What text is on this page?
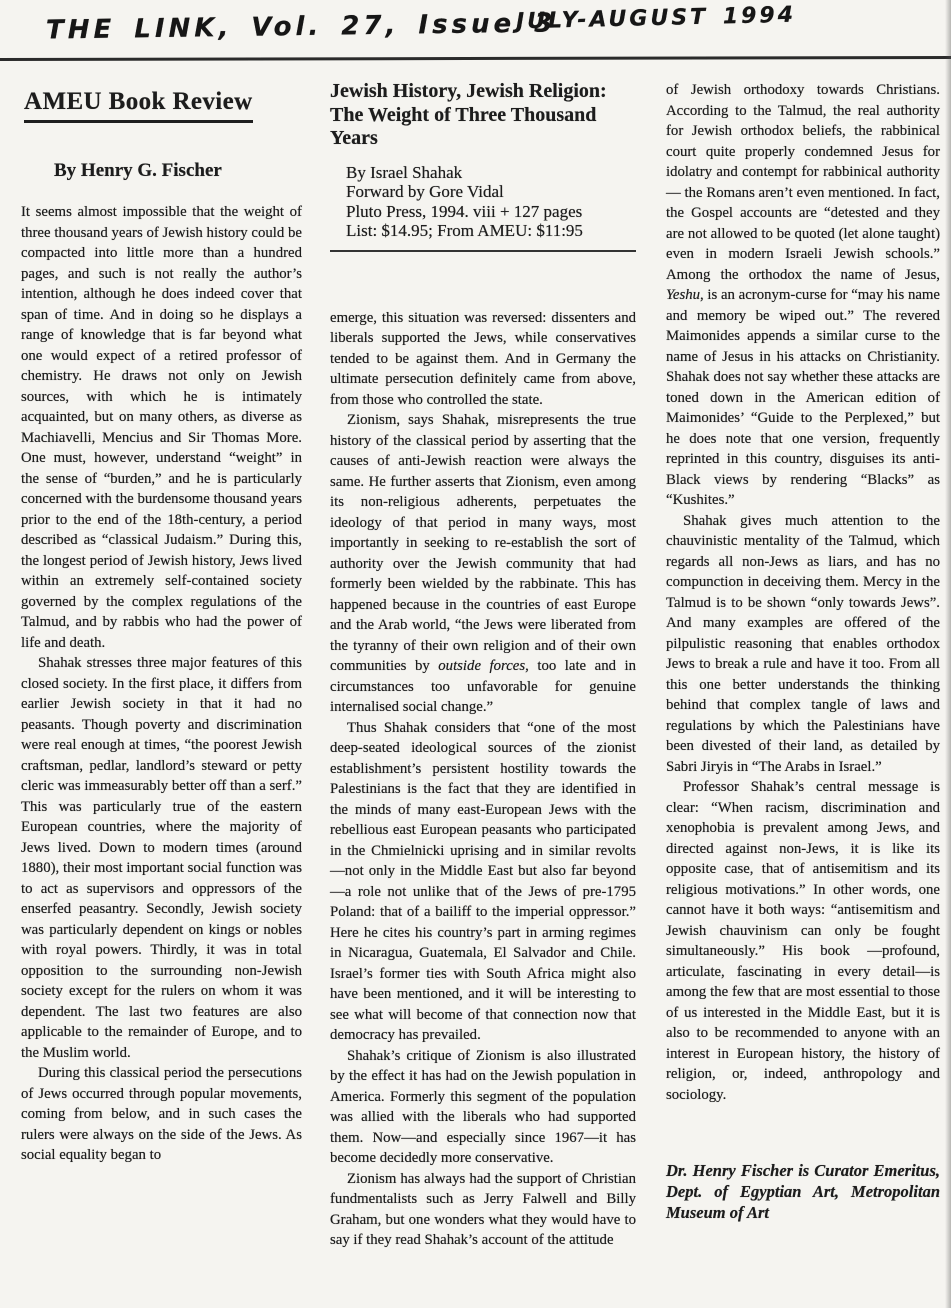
THE LINK, Vol. 27, Issue 3
JULY-AUGUST 1994
AMEU Book Review
By Henry G. Fischer

It seems almost impossible that the weight of three thousand years of Jewish history could be compacted into little more than a hundred pages, and such is not really the author’s intention, although he does indeed cover that span of time. And in doing so he displays a range of knowledge that is far beyond what one would expect of a retired professor of chemistry. He draws not only on Jewish sources, with which he is intimately acquainted, but on many others, as diverse as Machiavelli, Mencius and Sir Thomas More. One must, however, understand “weight” in the sense of “burden,” and he is particularly concerned with the burdensome thousand years prior to the end of the 18th-century, a period described as “classical Judaism.” During this, the longest period of Jewish history, Jews lived within an extremely self-contained society governed by the complex regulations of the Talmud, and by rabbis who had the power of life and death.

Shahak stresses three major features of this closed society. In the first place, it differs from earlier Jewish society in that it had no peasants. Though poverty and discrimination were real enough at times, “the poorest Jewish craftsman, pedlar, landlord’s steward or petty cleric was immeasurably better off than a serf.” This was particularly true of the eastern European countries, where the majority of Jews lived. Down to modern times (around 1880), their most important social function was to act as supervisors and oppressors of the enserfed peasantry. Secondly, Jewish society was particularly dependent on kings or nobles with royal powers. Thirdly, it was in total opposition to the surrounding non-Jewish society except for the rulers on whom it was dependent. The last two features are also applicable to the remainder of Europe, and to the Muslim world.

During this classical period the persecutions of Jews occurred through popular movements, coming from below, and in such cases the rulers were always on the side of the Jews. As social equality began to

Jewish History, Jewish Religion:
The Weight of Three Thousand Years
By Israel Shahak
Forward by Gore Vidal
Pluto Press, 1994. viii + 127 pages
List: $14.95; From AMEU: $11:95

emerge, this situation was reversed: dissenters and liberals supported the Jews, while conservatives tended to be against them. And in Germany the ultimate persecution definitely came from above, from those who controlled the state.

Zionism, says Shahak, misrepresents the true history of the classical period by asserting that the causes of anti-Jewish reaction were always the same. He further asserts that Zionism, even among its non-religious adherents, perpetuates the ideology of that period in many ways, most importantly in seeking to re-establish the sort of authority over the Jewish community that had formerly been wielded by the rabbinate. This has happened because in the countries of east Europe and the Arab world, “the Jews were liberated from the tyranny of their own religion and of their own communities by outside forces, too late and in circumstances too unfavorable for genuine internalised social change.”

Thus Shahak considers that “one of the most deep-seated ideological sources of the zionist establishment’s persistent hostility towards the Palestinians is the fact that they are identified in the minds of many east-European Jews with the rebellious east European peasants who participated in the Chmielnicki uprising and in similar revolts—not only in the Middle East but also far beyond—a role not unlike that of the Jews of pre-1795 Poland: that of a bailiff to the imperial oppressor.” Here he cites his country’s part in arming regimes in Nicaragua, Guatemala, El Salvador and Chile. Israel’s former ties with South Africa might also have been mentioned, and it will be interesting to see what will become of that connection now that democracy has prevailed.

Shahak’s critique of Zionism is also illustrated by the effect it has had on the Jewish population in America. Formerly this segment of the population was allied with the liberals who had supported them. Now—and especially since 1967—it has become decidedly more conservative.

Zionism has always had the support of Christian fundmentalists such as Jerry Falwell and Billy Graham, but one wonders what they would have to say if they read Shahak’s account of the attitude

of Jewish orthodoxy towards Christians. According to the Talmud, the real authority for Jewish orthodox beliefs, the rabbinical court quite properly condemned Jesus for idolatry and contempt for rabbinical authority — the Romans aren’t even mentioned. In fact, the Gospel accounts are “detested and they are not allowed to be quoted (let alone taught) even in modern Israeli Jewish schools.” Among the orthodox the name of Jesus, Yeshu, is an acronym-curse for “may his name and memory be wiped out.” The revered Maimonides appends a similar curse to the name of Jesus in his attacks on Christianity. Shahak does not say whether these attacks are toned down in the American edition of Maimonides’ “Guide to the Perplexed,” but he does note that one version, frequently reprinted in this country, disguises its anti-Black views by rendering “Blacks” as “Kushites.”

Shahak gives much attention to the chauvinistic mentality of the Talmud, which regards all non-Jews as liars, and has no compunction in deceiving them. Mercy in the Talmud is to be shown “only towards Jews”. And many examples are offered of the pilpulistic reasoning that enables orthodox Jews to break a rule and have it too. From all this one better understands the thinking behind that complex tangle of laws and regulations by which the Palestinians have been divested of their land, as detailed by Sabri Jiryis in “The Arabs in Israel.”

Professor Shahak’s central message is clear: “When racism, discrimination and xenophobia is prevalent among Jews, and directed against non-Jews, it is like its opposite case, that of antisemitism and its religious motivations.” In other words, one cannot have it both ways: “antisemitism and Jewish chauvinism can only be fought simultaneously.” His book —profound, articulate, fascinating in every detail—is among the few that are most essential to those of us interested in the Middle East, but it is also to be recommended to anyone with an interest in European history, the history of religion, or, indeed, anthropology and sociology.

Dr. Henry Fischer is Curator Emeritus, Dept. of Egyptian Art, Metropolitan Museum of Art
